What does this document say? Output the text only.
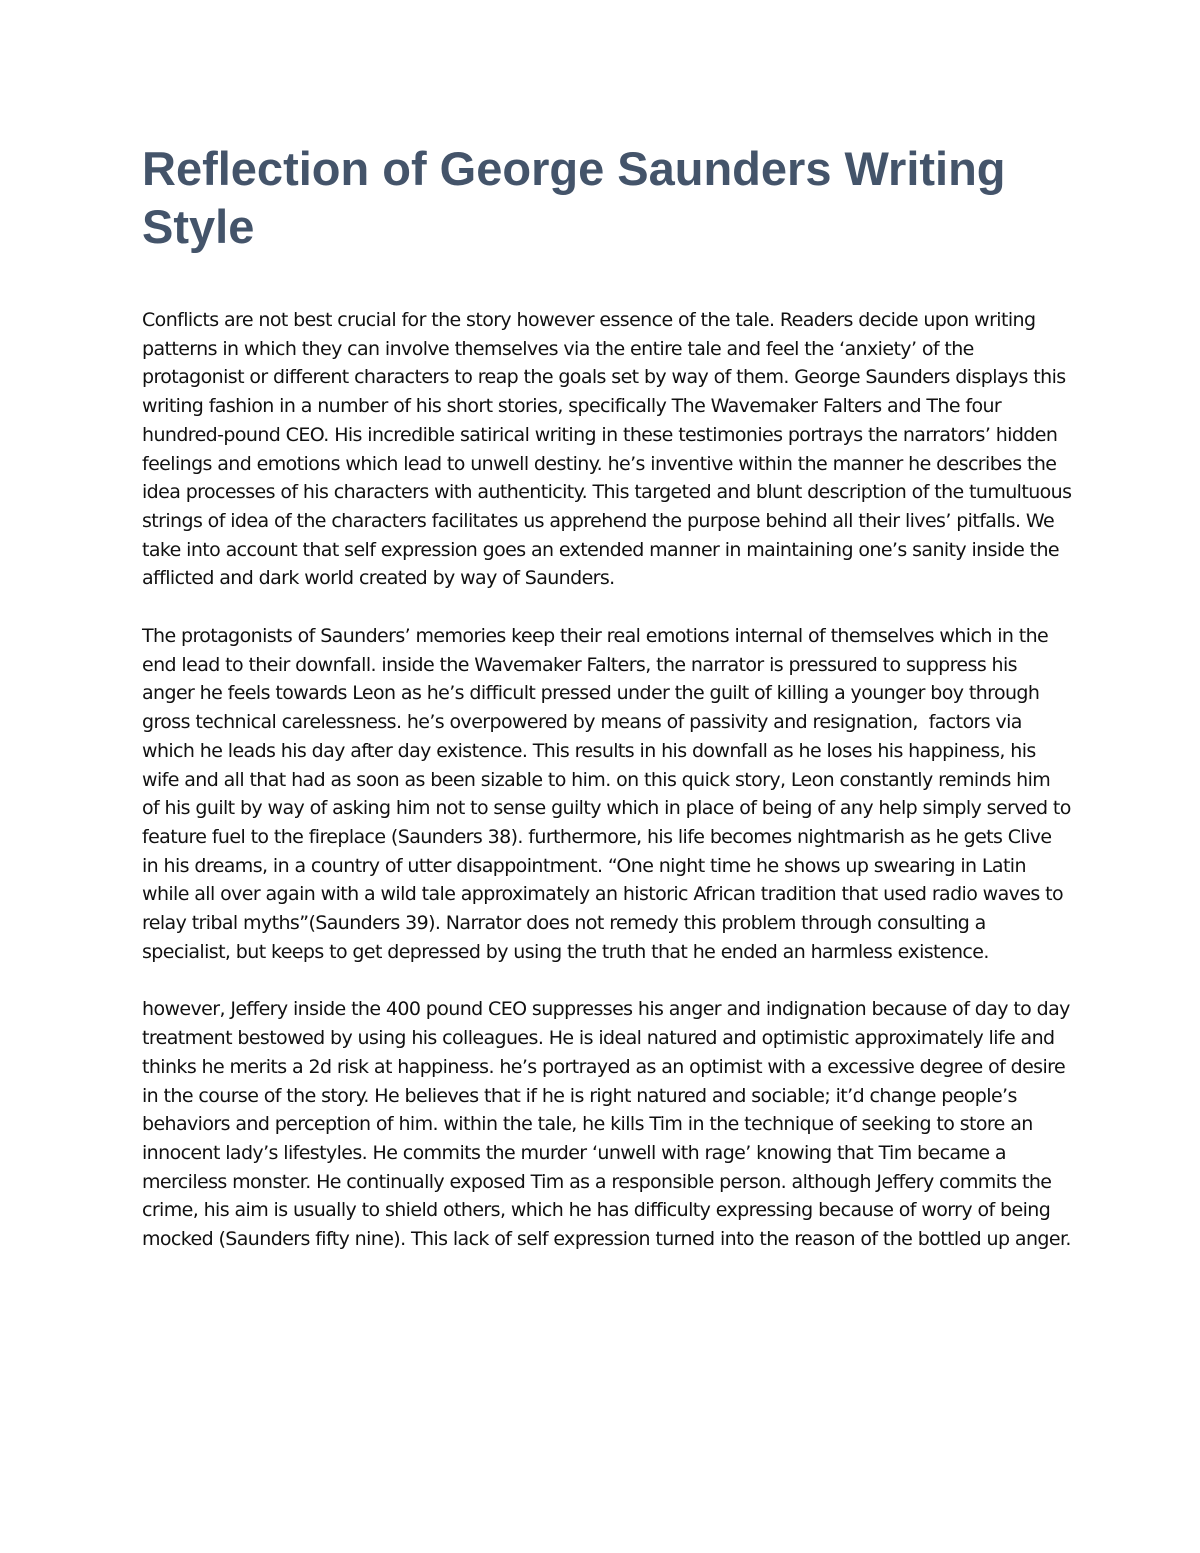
Reflection of George Saunders Writing Style

Conflicts are not best crucial for the story however essence of the tale. Readers decide upon writing patterns in which they can involve themselves via the entire tale and feel the ‘anxiety’ of the protagonist or different characters to reap the goals set by way of them. George Saunders displays this writing fashion in a number of his short stories, specifically The Wavemaker Falters and The four hundred-pound CEO. His incredible satirical writing in these testimonies portrays the narrators’ hidden feelings and emotions which lead to unwell destiny. he’s inventive within the manner he describes the idea processes of his characters with authenticity. This targeted and blunt description of the tumultuous strings of idea of the characters facilitates us apprehend the purpose behind all their lives’ pitfalls. We take into account that self expression goes an extended manner in maintaining one’s sanity inside the afflicted and dark world created by way of Saunders.

The protagonists of Saunders’ memories keep their real emotions internal of themselves which in the end lead to their downfall. inside the Wavemaker Falters, the narrator is pressured to suppress his anger he feels towards Leon as he’s difficult pressed under the guilt of killing a younger boy through gross technical carelessness. he’s overpowered by means of passivity and resignation,  factors via which he leads his day after day existence. This results in his downfall as he loses his happiness, his wife and all that had as soon as been sizable to him. on this quick story, Leon constantly reminds him of his guilt by way of asking him not to sense guilty which in place of being of any help simply served to feature fuel to the fireplace (Saunders 38). furthermore, his life becomes nightmarish as he gets Clive in his dreams, in a country of utter disappointment. “One night time he shows up swearing in Latin while all over again with a wild tale approximately an historic African tradition that used radio waves to relay tribal myths”(Saunders 39). Narrator does not remedy this problem through consulting a specialist, but keeps to get depressed by using the truth that he ended an harmless existence.

however, Jeffery inside the 400 pound CEO suppresses his anger and indignation because of day to day treatment bestowed by using his colleagues. He is ideal natured and optimistic approximately life and thinks he merits a 2d risk at happiness. he’s portrayed as an optimist with a excessive degree of desire in the course of the story. He believes that if he is right natured and sociable; it’d change people’s behaviors and perception of him. within the tale, he kills Tim in the technique of seeking to store an innocent lady’s lifestyles. He commits the murder ‘unwell with rage’ knowing that Tim became a merciless monster. He continually exposed Tim as a responsible person. although Jeffery commits the crime, his aim is usually to shield others, which he has difficulty expressing because of worry of being mocked (Saunders fifty nine). This lack of self expression turned into the reason of the bottled up anger.
